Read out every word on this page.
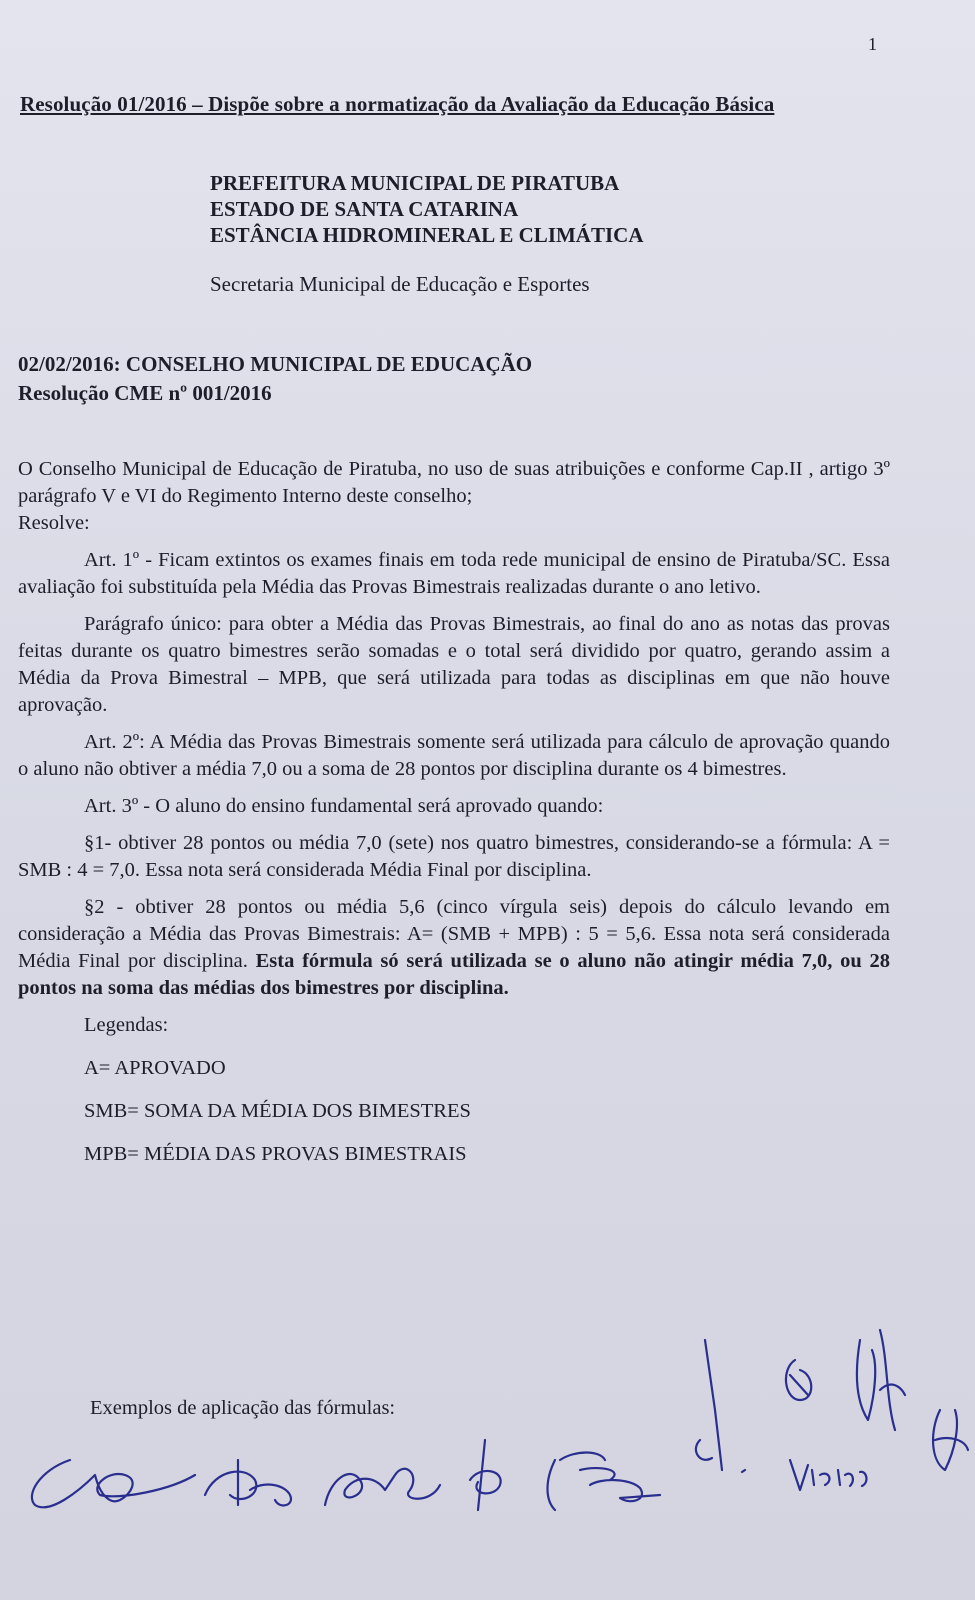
1
Resolução 01/2016 – Dispõe sobre a normatização da Avaliação da Educação Básica
PREFEITURA MUNICIPAL DE PIRATUBA
ESTADO DE SANTA CATARINA
ESTÂNCIA HIDROMINERAL E CLIMÁTICA
Secretaria Municipal de Educação e Esportes
02/02/2016: CONSELHO MUNICIPAL DE EDUCAÇÃO
Resolução CME nº 001/2016

O Conselho Municipal de Educação de Piratuba, no uso de suas atribuições e conforme Cap.II , artigo 3º parágrafo V e VI do Regimento Interno deste conselho;
Resolve:

Art. 1º - Ficam extintos os exames finais em toda rede municipal de ensino de Piratuba/SC. Essa avaliação foi substituída pela Média das Provas Bimestrais realizadas durante o ano letivo.

Parágrafo único: para obter a Média das Provas Bimestrais, ao final do ano as notas das provas feitas durante os quatro bimestres serão somadas e o total será dividido por quatro, gerando assim a Média da Prova Bimestral – MPB, que será utilizada para todas as disciplinas em que não houve aprovação.

Art. 2º: A Média das Provas Bimestrais somente será utilizada para cálculo de aprovação quando o aluno não obtiver a média 7,0 ou a soma de 28 pontos por disciplina durante os 4 bimestres.

Art. 3º - O aluno do ensino fundamental será aprovado quando:

§1- obtiver 28 pontos ou média 7,0 (sete) nos quatro bimestres, considerando-se a fórmula: A = SMB : 4 = 7,0. Essa nota será considerada Média Final por disciplina.

§2 - obtiver 28 pontos ou média 5,6 (cinco vírgula seis) depois do cálculo levando em consideração a Média das Provas Bimestrais: A= (SMB + MPB) : 5 = 5,6. Essa nota será considerada Média Final por disciplina. Esta fórmula só será utilizada se o aluno não atingir média 7,0, ou 28 pontos na soma das médias dos bimestres por disciplina.

Legendas:

A= APROVADO

SMB= SOMA DA MÉDIA DOS BIMESTRES

MPB= MÉDIA DAS PROVAS BIMESTRAIS

Exemplos de aplicação das fórmulas:
